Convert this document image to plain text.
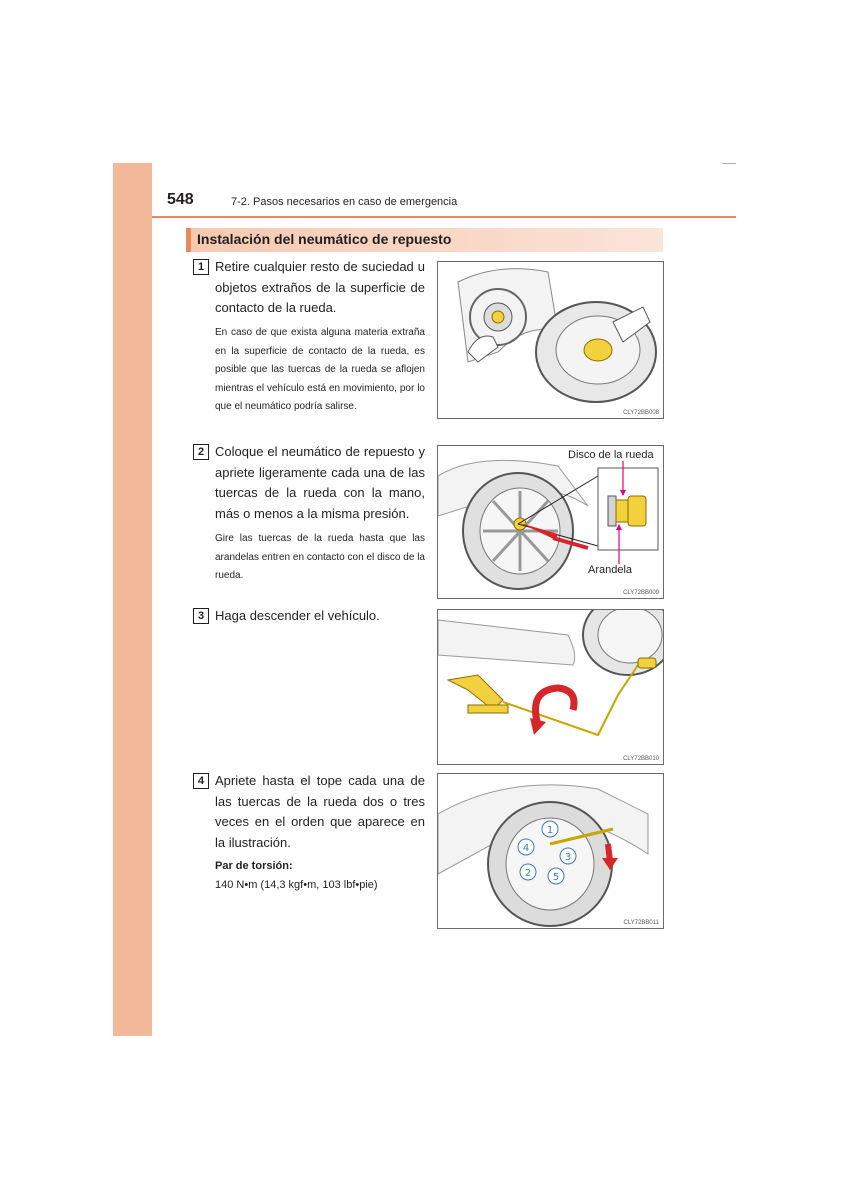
548	7-2. Pasos necesarios en caso de emergencia
Instalación del neumático de repuesto
1 Retire cualquier resto de suciedad u objetos extraños de la superficie de contacto de la rueda.
En caso de que exista alguna materia extraña en la superficie de contacto de la rueda, es posible que las tuercas de la rueda se aflojen mientras el vehículo está en movimiento, por lo que el neumático podría salirse.
CLY72BB008
2 Coloque el neumático de repuesto y apriete ligeramente cada una de las tuercas de la rueda con la mano, más o menos a la misma presión.
Gire las tuercas de la rueda hasta que las arandelas entren en contacto con el disco de la rueda.
Disco de la rueda
Arandela
CLY72BB009
3 Haga descender el vehículo.
CLY72BB010
4 Apriete hasta el tope cada una de las tuercas de la rueda dos o tres veces en el orden que aparece en la ilustración.
Par de torsión:
140 N•m (14,3 kgf•m, 103 lbf•pie)
1
2
3
4
5
CLY72BB011
